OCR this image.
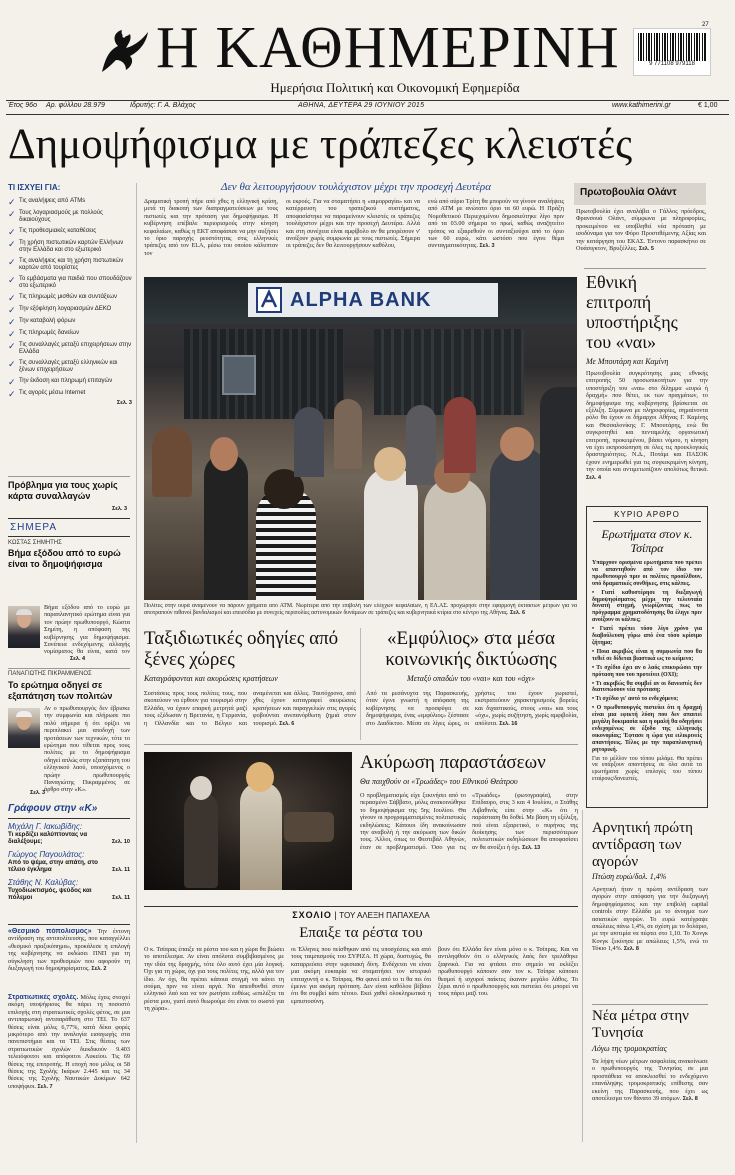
Η ΚΑΘΗΜΕΡΙΝΗ
Ημερήσια Πολιτική και Οικονομική Εφημερίδα
9 771108 979118
27
Έτος 96ο Αρ. φύλλου 28.979	Ιδρυτής: Γ. Α. Βλάχος	ΑΘΗΝΑ, ΔΕΥΤΕΡΑ 29 ΙΟΥΝΙΟΥ 2015	www.kathimerini.gr	€ 1,00
Δημοψήφισμα με τράπεζες κλειστές
Δεν θα λειτουργήσουν τουλάχιστον μέχρι την προσεχή Δευτέρα
ΤΙ ΙΣΧΥΕΙ ΓΙΑ:
✓ Τις αναλήψεις από ATMs
✓ Τους λογαριασμούς με πολλούς δικαιούχους
✓ Τις προθεσμιακές καταθέσεις
✓ Τη χρήση πιστωτικών καρτών Ελλήνων στην Ελλάδα και στο εξωτερικό
✓ Τις αναλήψεις και τη χρήση πιστωτικών καρτών από τουρίστες
✓ Το εμβάσματα για παιδιά που σπουδάζουν στο εξωτερικό
✓ Τις πληρωμές μισθών και συντάξεων
✓ Την εξόφληση λογαριασμών ΔΕΚΟ
✓ Την καταβολή φόρων
✓ Τις πληρωμές δανείων
✓ Τις συναλλαγές μεταξύ επιχειρήσεων στην Ελλάδα
✓ Τις συναλλαγές μεταξύ ελληνικών και ξένων επιχειρήσεων
✓ Την έκδοση και πληρωμή επιταγών
✓ Τις αγορές μέσω Internet
Σελ. 3
Πρόβλημα για τους χωρίς κάρτα συναλλαγών
Σελ. 3
ΣΗΜΕΡΑ
ΚΩΣΤΑΣ ΣΗΜΗΤΗΣ
Βήμα εξόδου από το ευρώ είναι το δημοψήφισμα
Βήμα εξόδου από το ευρώ με παραπλανητικό ερώτημα είναι για τον πρώην πρωθυπουργό, Κώστα Σημίτη, η απόφαση της κυβέρνησης για δημοψήφισμα. Συνέπεια ενδεχόμενης αλλαγής νομίσματος θα είναι, κατά τον
Σελ. 4
ΠΑΝΑΓΙΩΤΗΣ ΠΙΚΡΑΜΜΕΝΟΣ
Το ερώτημα οδηγεί σε εξαπάτηση των πολιτών
Αν ο πρωθυπουργός δεν έβρισκε την συμφωνία και πλήρωσε πιο πολύ σήμερα ή ότι ορίζει να περιπλακεί μια αποδοχή των προτάσεων των τεχνικών, τότε το ερώτημα που τίθεται προς τους πολίτες με το δημοψήφισμα οδηγεί απλώς στην εξαπάτηση του ελληνικού λαού, υποσχόμενος ο πρώην πρωθυπουργός Παναγιώτης Πικραμμένος σε άρθρο στην «Κ».
Σελ. 3
Γράφουν στην «Κ»
Μιχάλη Γ. Ιακωβίδης:
Τι κερδίζει καλύπτοντας να διαλέξουμε;	Σελ. 10
Γιώργος Παγουλάτος:
Από το ψέμα, στην απάτη, στο τέλειο έγκλημα	Σελ. 11
Στάθης Ν. Καλύβας:
Τυχοδιωκτισμός, ψεύδος και πόλεμοι	Σελ. 11
«Θεσμικό πόπολισμος» Την έντονη αντίδραση της αντιπολίτευσης, που καταγγέλλει «θεσμικό πραξικόπημα», προκάλεσε η επιλογή της κυβέρνησης να εκδώσει ΠΝΠ για τη σύγκληση των προθεσμιών που αφορούν τη διεξαγωγή του δημοψηφίσματος. Σελ. 2
Στρατιωτικές σχολές. Μόλις έχεις στοιχεί ακόμη υποψήφιους θα πάρει τη ποσοστό επιλογής στη στρατιωτικές σχολές φέτος, σε μια αντιπαρωτική αντιπαράθεση στο TEI. Το 637 θέσεις είναι μόλις 6,77%, κατά δέκα φορές μικρότερο από την αναλογία εισαγωγής στα πανεπιστήμια και τα ΤΕΙ. Στις θέσεις των στρατιωτικών σχολών διεκδικούν 9.403 τελειόφοιτοι και απόφοιτοι Λυκείου. Τις 69 θέσεις της επιτροπής. Η εποχή που μόλις οι 58 θέσεις της Σχολής Ικάρων 2.445 και τις 34 θέσεις της Σχολής Ναυτικών Δοκίμων 642 υποψήφιοι. Σελ. 7
Δραματική τροπή πήρε από χθες η ελληνική κρίση, μετά τη διακοπή των διαπραγματεύσεων με τους πιστωτές και την πρόταση για δημοψήφισμα. Η κυβέρνηση επέβαλε περιορισμούς στην κίνηση κεφαλαίων, καθώς η ΕΚΤ αποφάσισε να μην αυξήσει το όριο παροχής ρευστότητας στις ελληνικές τράπεζες από τον ELA, μέσω του οποίου κάλυπταν τον
οι εκροές. Για να σταματήσει η «αιμορραγία» και να κατέρρευση του τραπεζικού συστήματος, αποφασίστηκε να παραμείνουν κλειστές οι τράπεζες τουλάχιστον μέχρι και την προσεχή Δευτέρα. Αλλά και στη συνέχεια είναι αμφίβολο αν θα μπορέσουν ν' ανοίξουν χωρίς συμφωνία με τους πιστωτές. Σήμερα οι τράπεζες δεν θα λειτουργήσουν καθόλου,
ενώ από αύριο Τρίτη θα μπορούν να γίνουν αναλήψεις από ATM με ανώτατο όριο τα 60 ευρώ. Η Πράξη Νομοθετικού Περιεχομένου δημοσιεύτηκε λίγο πριν από τα 03.00 σήμερα το πρωί, καθώς αναζητείτο τρόπος να εξαιρεθούν οι συνταξιούχοι από το όριο των 60 ευρώ, κάτι ωστόσο που έγινε θέμα συνταγματικότητας. Σελ. 3
ALPHA BANK
Πολίτες στην ουρά αναμένουν να πάρουν χρήματα από ΑΤΜ. Νωρίτερα από την επιβολή των ελέγχων κεφαλαίων, η ΕΛ.ΑΣ. προχώρησε στην εφαρμογή έκτακτων μέτρων για να αποτραπούν πιθανοί βανδαλισμοί και επεισόδια με συνεχείς περιπολίες αστυνομικών δυνάμεων σε τράπεζες και κυβερνητικά κτίρια στο κέντρο της Αθήνας. Σελ. 6
Πρωτοβουλία Ολάντ
Πρωτοβουλία έχει αναλάβει ο Γάλλος πρόεδρος, Φρανσουά Ολάντ, σύμφωνα με πληροφορίες, προκειμένου να υποβληθεί νέα πρόταση με ισοδύναμα για τον Φόρο Προστιθέμενης Αξίας και την κατάργηση του ΕΚΑΣ. Έντονο παρασκήνιο σε Ουάσιγκτον, Βρυξέλλες. Σελ. 5
Εθνική επιτροπή υποστήριξης του «ναι»
Με Μπουτάρη και Καμίνη
Πρωτοβουλία συγκρότησης μιας εθνικής επιτροπής 50 προσωπικοτήτων για την υποστήριξη του «ναι» στο δίλημμα «ευρώ ή δραχμή» που θέτει, εκ των πραγμάτων, το δημοψήφισμα της κυβέρνησης βρίσκεται σε εξέλιξη. Σύμφωνα με πληροφορίες, σημαίνοντα ρόλο θα έχουν οι δήμαρχοι Αθήνας Γ. Καμίνης και Θεσσαλονίκης Γ. Μπουτάρης, ενώ θα συγκροτηθεί και πενταμελής οργανωτική επιτροπή, προκειμένου, βάσει νόμου, η κίνηση να έχει εκπροσώπηση σε όλες τις προεκλογικές δραστηριότητες. Ν.Δ., Ποτάμι και ΠΑΣΟΚ έχουν ενημερωθεί για τις συγκεκριμένη κίνηση, την οποία και αντιμετωπίζουν απολύτως θετικά. Σελ. 4
ΚΥΡΙΟ ΑΡΘΡΟ
Ερωτήματα στον κ. Τσίπρα
Υπάρχουν ορισμένα ερωτήματα που πρέπει να απαντηθούν από τον ίδιο τον πρωθυπουργό πριν οι πολίτες προσέλθουν, υπό δραματικές συνθήκες, στις κάλπες.
• Γιατί καθυστέρησε τη διεξαγωγή δημοψηφίσματος μέχρι την τελευταία δυνατή στιγμή, γνωρίζοντας πως το πρόγραμμα χρηματοδότησης θα έληγε πριν ανοίξουν οι κάλπες;
• Γιατί πρέπει τόσο λίγο χρόνο για διαβούλευση γύρω από ένα τόσο κρίσιμο ζήτημα;
• Ποια ακριβώς είναι η συμφωνία που θα τεθεί σε δίδεται βιαστικά ως το κείμενο;
• Τι σχέδιο έχει αν ο λαός επικυρώσει την πρόταση που του προτείνει (ΟΧΙ);
• Τι ακριβώς θα συμβεί αν οι δανειστές δεν διατυπώσουν νέα πρόταση;
• Τι σχέδιο γι' αυτό το ενδεχόμενο;
• Ο πρωθυπουργός πιστεύει ότι η δραχμή είναι μια εφικτή λύση που δεν απαιτεί μεγάλη δοκιμασία και η ομαλή θα οδηγήσει ενδεχομένως σε έξοδο της ελληνικής οικονομίας; Έφτασε η ώρα για ειλικρινείς απαντήσεις. Τέλος με την παραπλανητική ρητορική.
Για το μέλλον του τόπου μιλάμε. Θα πρέπει να υπάρξουν απαντήσεις σε όλα αυτά τα ερωτήματα χωρίς επιλογές του τύπου εταίρους/δανειστές.
Ταξιδιωτικές οδηγίες από ξένες χώρες
Καταγράφονται και ακυρώσεις κρατήσεων
Συστάσεις προς τους πολίτες τους, που σκοπεύουν να έρθουν για τουρισμό στην Ελλάδα, να έχουν επαρκή μετρητά μαζί τους εξέδωσαν η Βρετανία, η Γερμανία, η Ολλανδία και το Βέλγιο και αναμένεται και άλλες. Ταυτόχρονα, από χθες έχουν καταγραφεί ακυρώσεις κρατήσεων και παραγγελιών στις αγορές φοβούνται ανεπανόρθωτη ζημιά στον τουρισμό. Σελ. 6
«Εμφύλιος» στα μέσα κοινωνικής δικτύωσης
Μεταξύ οπαδών του «ναι» και του «όχι»
Από τα μεσάνυχτα της Παρασκευής, όταν έγινε γνωστή η απόφαση της κυβέρνησης να προσφύγει σε δημοψήφισμα, ένας «εμφύλιος» ξέσπασε στο Διαδίκτυο. Μέσα σε λίγες ώρες, οι χρήστες του έχουν χωριστεί, εκστρατεύουν χαρακτηρισμούς βορείες και διχαστικούς, στους «ναι» και τους «όχι», χωρίς συζήτηση, χωρίς αμφιβολία, απόλυτα. Σελ. 16
Ακύρωση παραστάσεων
Θα παιχθούν οι «Τρωάδες» του Εθνικού Θεάτρου
Ο προβληματισμός είχε ξεκινήσει από το περασμένο Σάββατο, μόλις ανακοινώθηκε το δημοψήφισμα της 5ης Ιουλίου. Θα γίνουν οι προγραμματισμένες πολιτιστικές εκδηλώσεις; Κάποιοι ίδη ανακοίνωσαν την αναβολή ή την ακύρωση των δικών τους. Άλλοι, όπως το Φεστιβάλ Αθηνών, έταν σε προβληματισμό. Όσο για τις «Τρωάδες» (φωτογραφία), στην Επίδαυρο, στις 3 και 4 Ιουλίου, ο Στάθης Λιβαθινός είπε στην «Κ» ότι η παράσταση θα δοθεί. Με βάση τη εξέλιξη, πού είναι εξαιρετικό, ο πυρήνας της διοίκησης των περισσότερων πολιτιστικών εκδηλώσεων θα αποφασίσει αν θα ανοίξει ή όχι. Σελ. 13
ΣΧΟΛΙΟ | ΤΟΥ ΑΛΕΞΗ ΠΑΠΑΧΕΛΑ
Επαιξε τα ρέστα του
Ο κ. Τσίπρας έπαιξε τα ρέστα του και η χώρα θα βιώσει το αποτέλεσμα. Αν είναι απόλυτα συμβιβασμένος με την ιδέα της δραχμής, τότε όλο αυτό έχει μία λογική. Όχι για τη χώρα, όχι για τους πολίτες της, αλλά για τον ίδιο. Αν όχι, θα πρέπει κάποια στιγμή να κάνει τη σούμα, πριν να είναι αργά. Να απευθυνθεί στον ελληνικό λαό και να τον ρωτήσει ευθέως «επιλέξτε τα ρέστα μου, γιατί αυτό θεωρούμε ότι είναι το σωστό για τη χώρα».
οι Έλληνες που πείσθηκαν από τις υποσχέσεις και από τους ταιμπισμούς του ΣΥΡΙΖΑ. Η χώρα, δυστυχώς, θα καταρρεύσει στην υφεσιακή δίνη. Ενδέχεται να είναι μια ακόμη ευκαιρία να σταματήσει τον ιστορικό επιταχυντή ο κ. Τσίπρας. Θα φανεί από το τι θα πει ότι έμεινε για ακόμη πρόταση. Δεν είναι καθόλου βέβαιο ότι θα συμβεί κάτι τέτοιο. Εκεί χαθεί ολοκληρωτικά η εμπιστοσύνη.
βουν ότι Ελλάδα δεν είναι μόνο ο κ. Τσίπρας. Και να αντιληφθούν ότι ο ελληνικός λαός δεν τρελάθηκε ξαφνικά. Για να φτάσει στο σημείο να εκλέξει πρωθυπουργό κάποιον σαν τον κ. Τσίπρα κάποιοι θεσμοί ή ισχυροί παίκτες έκαναν μεγάλο λάθος. Το ξέρει αυτό ο πρωθυπουργός και πιστεύει ότι μπορεί να τους πάρει μαζί του.
Αρνητική πρώτη αντίδραση των αγορών
Πτώση ευρώ/δολ. 1,4%
Αρνητική ήταν η πρώτη αντίδραση των αγορών στην απόφαση για την διεξαγωγή δημοψηφίσματος και την επιβολή capital controls στην Ελλάδα με το άνοιγμα των ασιατικών αγορών. Το ευρώ κατέγραψε απώλειες πάνω 1,4%, σε σχέση με το δολάριο, με την ισοτιμία να πέφτει στο 1,10. Το Χονγκ Κονγκ ξεκίνησε με απώλειες 1,5%, ενώ το Τόκιο 1,4%. Σελ. 8
Νέα μέτρα στην Τυνησία
Λόγω της τρομοκρατίας
Τα λήψη νέων μέτρων ασφαλείας ανακοίνωσε ο πρωθυπουργός της Τυνησίας σε μια προσπάθεια να αποκλεισθεί το ενδεχόμενο επανάληψης τρομοκρατικής επίθεσης σαν εκείνη της Παρασκευής, που έχει ως αποτέλεσμα τον θάνατο 39 ατόμων. Σελ. 8
